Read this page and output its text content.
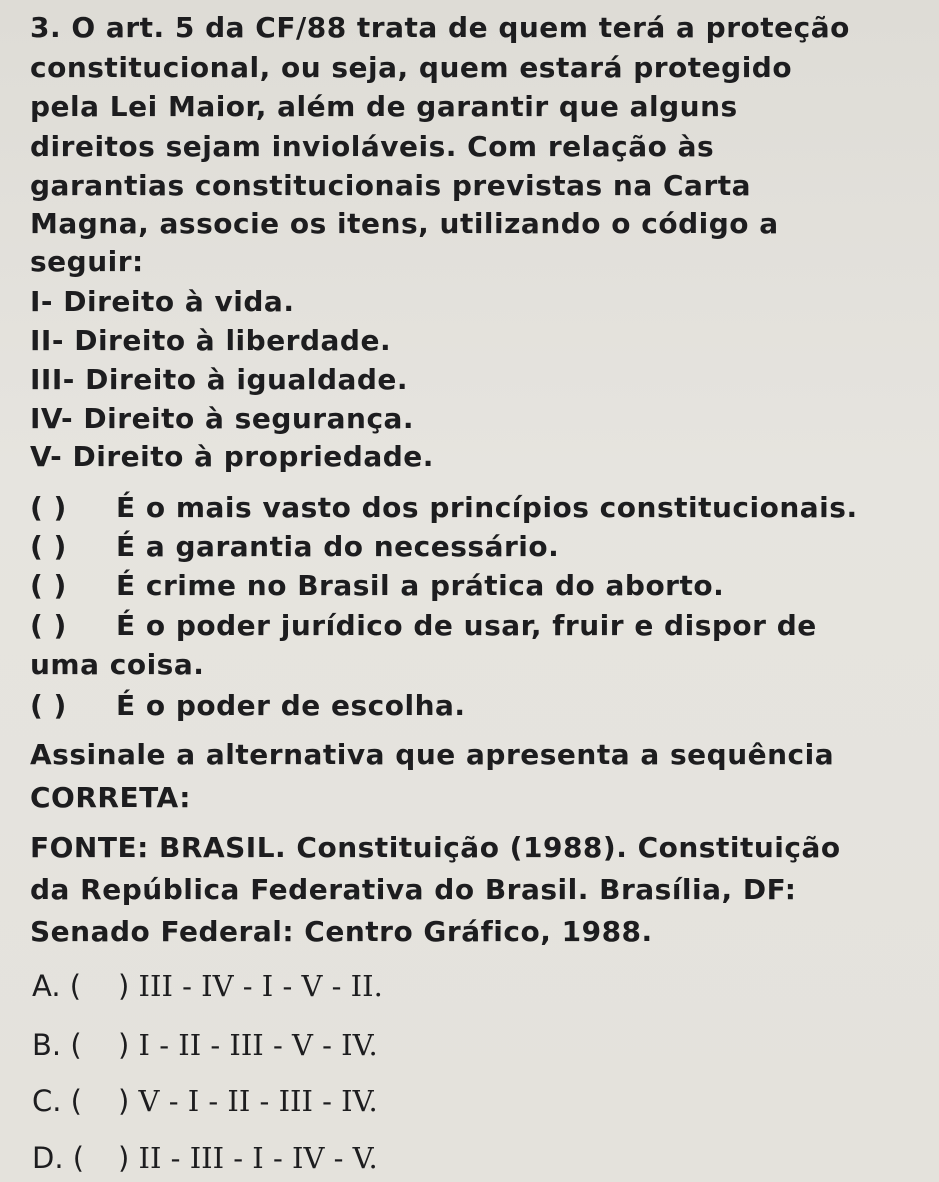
3. O art. 5 da CF/88 trata de quem terá a proteção
constitucional, ou seja, quem estará protegido
pela Lei Maior, além de garantir que alguns
direitos sejam invioláveis. Com relação às
garantias constitucionais previstas na Carta
Magna, associe os itens, utilizando o código a
seguir:
I- Direito à vida.
II- Direito à liberdade.
III- Direito à igualdade.
IV- Direito à segurança.
V- Direito à propriedade.
( ) É o mais vasto dos princípios constitucionais.
( ) É a garantia do necessário.
( ) É crime no Brasil a prática do aborto.
( ) É o poder jurídico de usar, fruir e dispor de
uma coisa.
( ) É o poder de escolha.
Assinale a alternativa que apresenta a sequência
CORRETA:
FONTE: BRASIL. Constituição (1988). Constituição
da República Federativa do Brasil. Brasília, DF:
Senado Federal: Centro Gráfico, 1988.
A. ( ) III - IV - I - V - II.
B. ( ) I - II - III - V - IV.
C. ( ) V - I - II - III - IV.
D. ( ) II - III - I - IV - V.
